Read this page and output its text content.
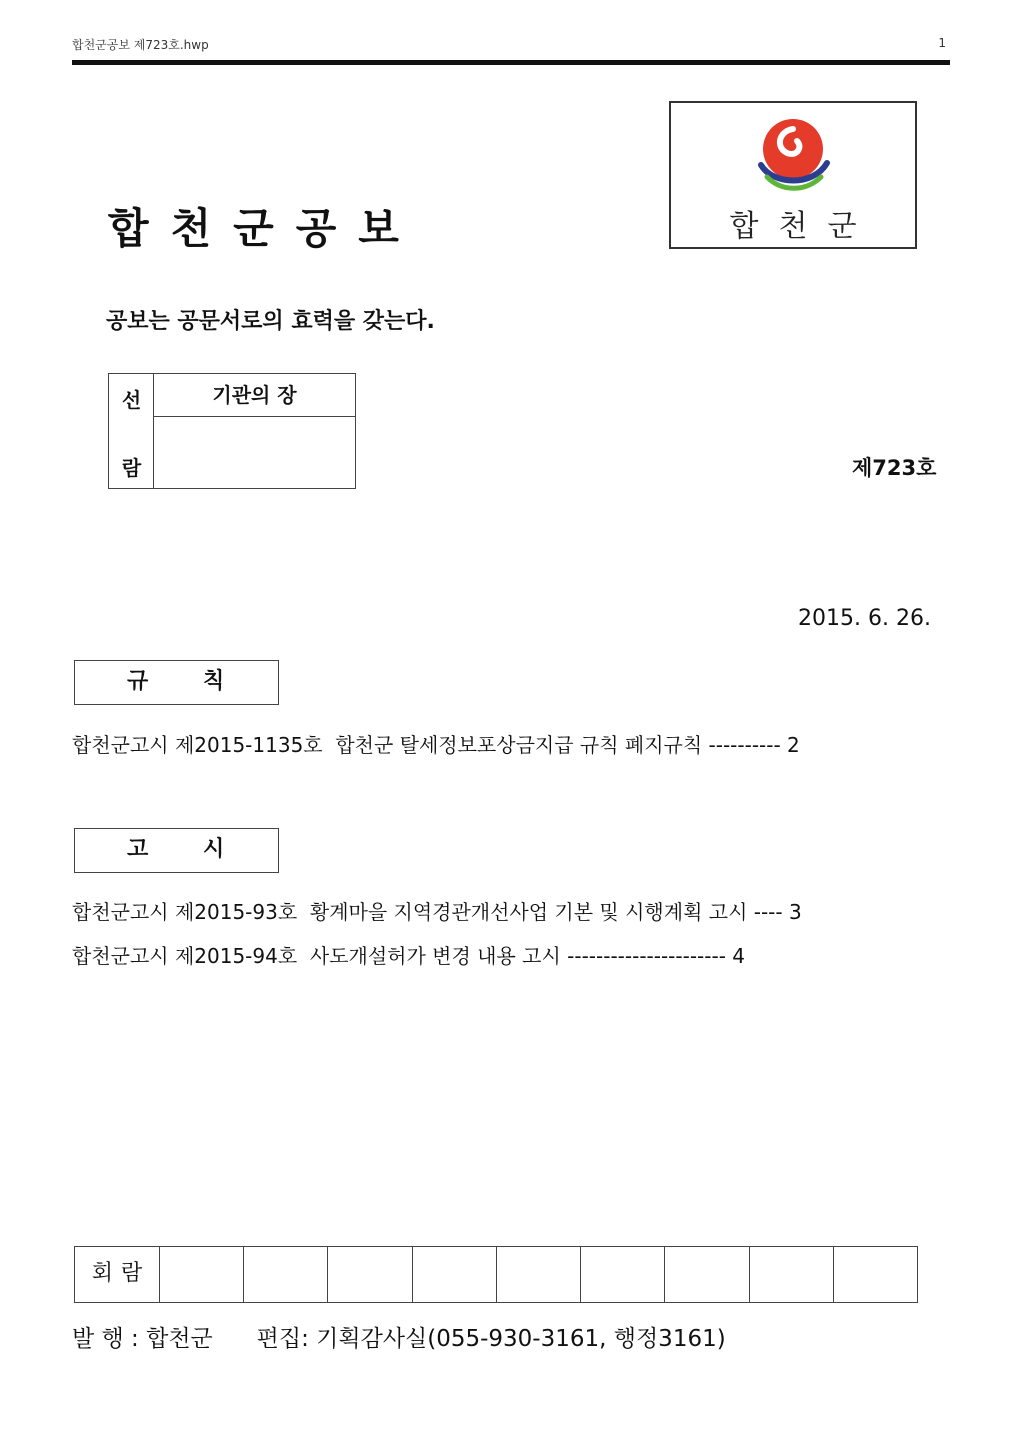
합천군공보 제723호.hwp	1
합천군공보	합천군
공보는 공문서로의 효력을 갖는다.
선
람
기관의 장
제723호
2015. 6. 26.
규 칙
합천군고시 제2015-1135호  합천군 탈세정보포상금지급 규칙 폐지규칙 ---------- 2
고 시
합천군고시 제2015-93호  황계마을 지역경관개선사업 기본 및 시행계획 고시 ---- 3
합천군고시 제2015-94호  사도개설허가 변경 내용 고시 ---------------------- 4
회람
발 행 : 합천군      편집: 기획감사실(055-930-3161, 행정3161)
